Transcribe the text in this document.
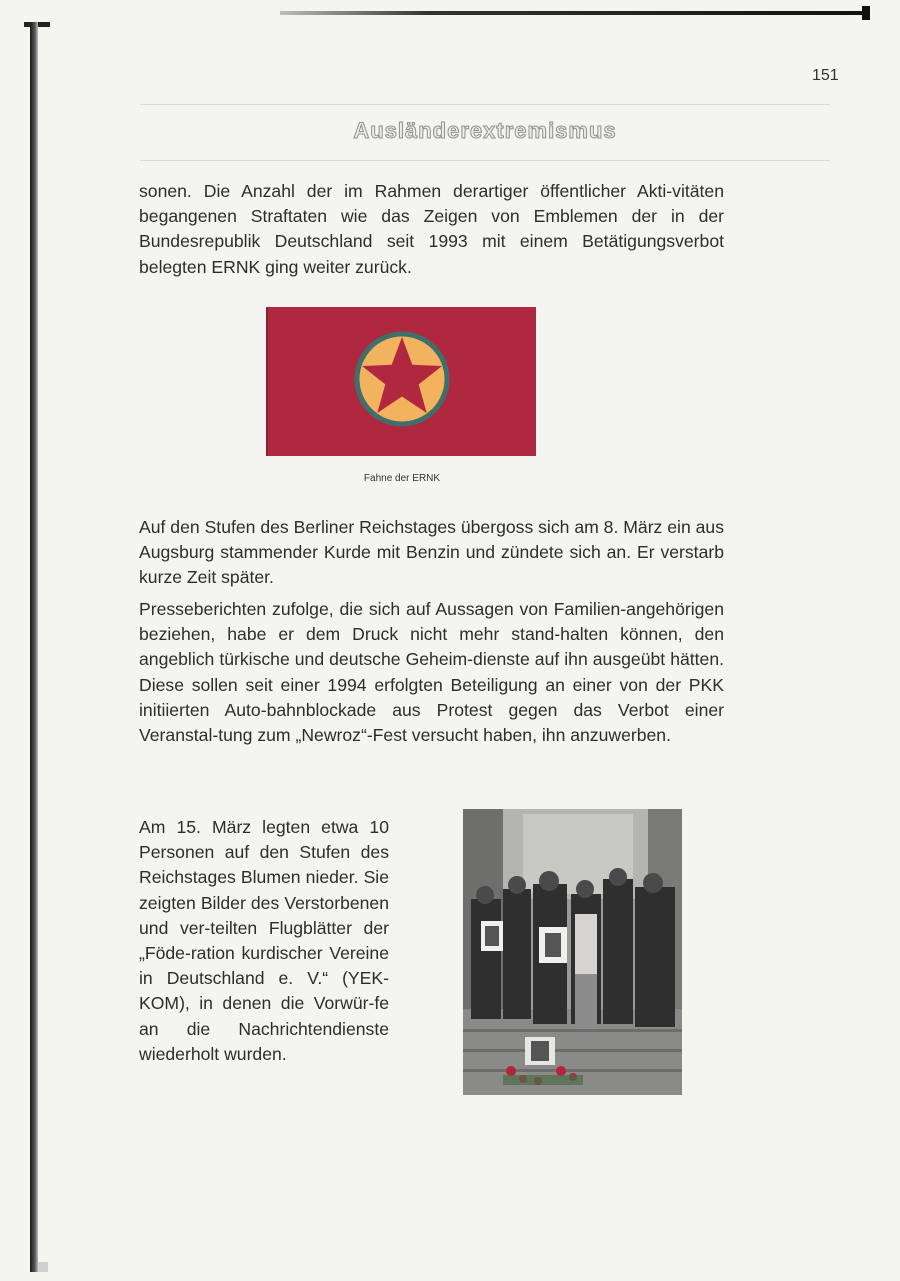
151
Ausländerextremismus

sonen. Die Anzahl der im Rahmen derartiger öffentlicher Akti-vitäten begangenen Straftaten wie das Zeigen von Emblemen der in der Bundesrepublik Deutschland seit 1993 mit einem Betätigungsverbot belegten ERNK ging weiter zurück.

Fahne der ERNK

Auf den Stufen des Berliner Reichstages übergoss sich am 8. März ein aus Augsburg stammender Kurde mit Benzin und zündete sich an. Er verstarb kurze Zeit später.

Presseberichten zufolge, die sich auf Aussagen von Familien-angehörigen beziehen, habe er dem Druck nicht mehr stand-halten können, den angeblich türkische und deutsche Geheim-dienste auf ihn ausgeübt hätten. Diese sollen seit einer 1994 erfolgten Beteiligung an einer von der PKK initiierten Auto-bahnblockade aus Protest gegen das Verbot einer Veranstal-tung zum „Newroz“-Fest versucht haben, ihn anzuwerben.

Am 15. März legten etwa 10 Personen auf den Stufen des Reichstages Blumen nieder. Sie zeigten Bilder des Verstorbenen und ver-teilten Flugblätter der „Föde-ration kurdischer Vereine in Deutschland e. V.“ (YEK-KOM), in denen die Vorwür-fe an die Nachrichtendienste wiederholt wurden.
